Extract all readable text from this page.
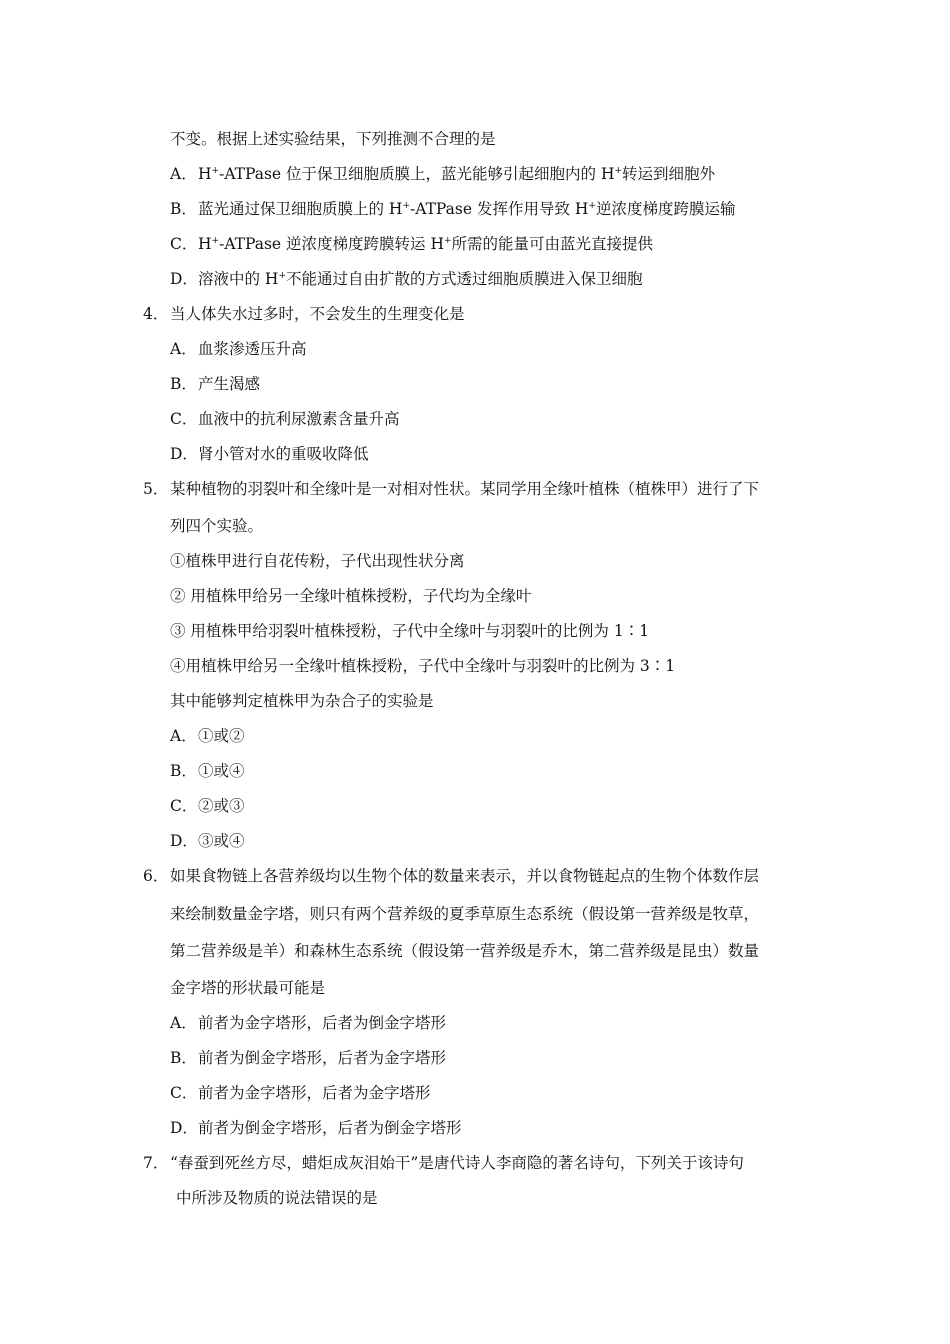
不变。根据上述实验结果，下列推测不合理的是
A．H+-ATPase 位于保卫细胞质膜上，蓝光能够引起细胞内的 H+转运到细胞外
B．蓝光通过保卫细胞质膜上的 H+-ATPase 发挥作用导致 H+逆浓度梯度跨膜运输
C．H+-ATPase 逆浓度梯度跨膜转运 H+所需的能量可由蓝光直接提供
D．溶液中的 H+不能通过自由扩散的方式透过细胞质膜进入保卫细胞
4． 当人体失水过多时，不会发生的生理变化是
A．血浆渗透压升高
B．产生渴感
C．血液中的抗利尿激素含量升高
D．肾小管对水的重吸收降低
5． 某种植物的羽裂叶和全缘叶是一对相对性状。某同学用全缘叶植株（植株甲）进行了下
列四个实验。
①植株甲进行自花传粉，子代出现性状分离
② 用植株甲给另一全缘叶植株授粉，子代均为全缘叶
③ 用植株甲给羽裂叶植株授粉，子代中全缘叶与羽裂叶的比例为 1∶1
④用植株甲给另一全缘叶植株授粉，子代中全缘叶与羽裂叶的比例为 3∶1
其中能够判定植株甲为杂合子的实验是
A．①或②
B．①或④
C．②或③
D．③或④
6． 如果食物链上各营养级均以生物个体的数量来表示，并以食物链起点的生物个体数作层
来绘制数量金字塔，则只有两个营养级的夏季草原生态系统（假设第一营养级是牧草，
第二营养级是羊）和森林生态系统（假设第一营养级是乔木，第二营养级是昆虫）数量
金字塔的形状最可能是
A．前者为金字塔形，后者为倒金字塔形
B．前者为倒金字塔形，后者为金字塔形
C．前者为金字塔形，后者为金字塔形
D．前者为倒金字塔形，后者为倒金字塔形
7． “春蚕到死丝方尽，蜡炬成灰泪始干”是唐代诗人李商隐的著名诗句，下列关于该诗句
中所涉及物质的说法错误的是
